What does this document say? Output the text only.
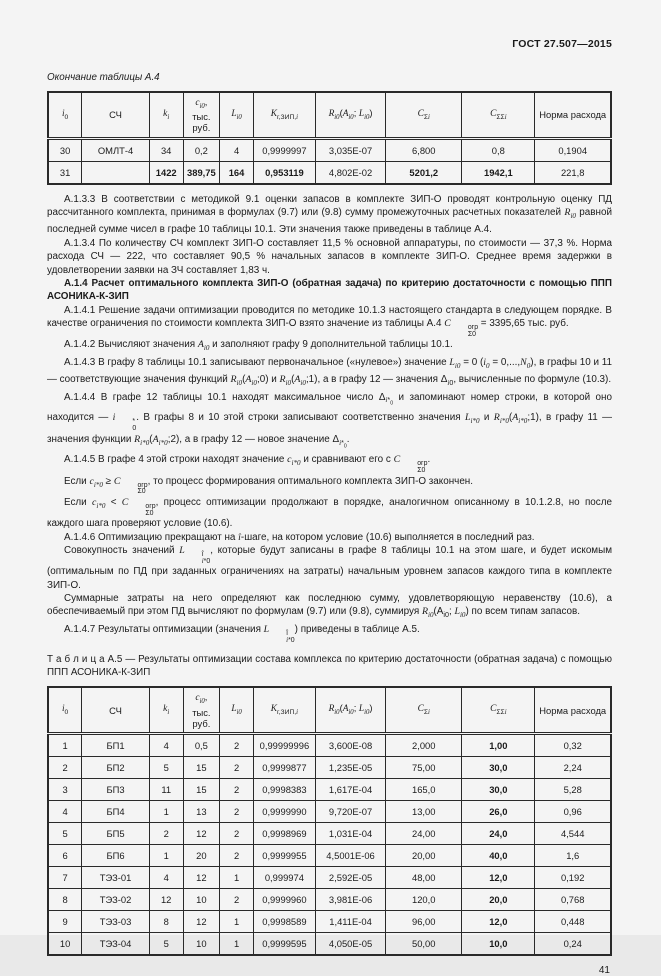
ГОСТ 27.507—2015
Окончание таблицы А.4
$i_0$	СЧ	$k_i$	$c_{i0}$,
тыс.
руб.	$L_{i0}$	$K_{г,ЗИП,i}$	$R_{i0}(A_{i0}$; $L_{i0}$)	$C_{\Sigma i}$	$C_{\Sigma\Sigma i}$	Норма расхода
30	ОМЛТ-4	34	0,2	4	0,9999997	3,035E-07	6,800	0,8	0,1904
31		1422	389,75	164	0,953119	4,802E-02	5201,2	1942,1	221,8

А.1.3.3 В соответствии с методикой 9.1 оценки запасов в комплекте ЗИП-О проводят контрольную оценку ПД рассчитанного комплекта, принимая в формулах (9.7) или (9.8) сумму промежуточных расчетных показателей $R_{i0}$ равной последней сумме чисел в графе 10 таблицы 10.1. Эти значения также приведены в таблице А.4.

А.1.3.4 По количеству СЧ комплект ЗИП-О составляет 11,5 % основной аппаратуры, по стоимости — 37,3 %. Норма расхода СЧ — 222, что составляет 90,5 % начальных запасов в комплекте ЗИП-О. Среднее время задержки в удовлетворении заявки на ЗЧ составляет 1,83 ч.

А.1.4 Расчет оптимального комплекта ЗИП-О (обратная задача) по критерию достаточности с помощью ППП АСОНИКА-К-ЗИП

А.1.4.1 Решение задачи оптимизации проводится по методике 10.1.3 настоящего стандарта в следующем порядке. В качестве ограничения по стоимости комплекта ЗИП-О взято значение из таблицы А.4 C	огр
Σ0
= 3395,65 тыс. руб.

А.1.4.2 Вычисляют значения $A_{i0}$ и заполняют графу 9 дополнительной таблицы 10.1.

А.1.4.3 В графу 8 таблицы 10.1 записывают первоначальное («нулевое») значение $L_{i0} = 0$ $(i_0 = 0,...,N_0)$, в графы 10 и 11 — соответствующие значения функций $R_{i0}(A_{i0};0)$ и $R_{i0}(A_{i0};1)$, а в графу 12 — значения $\Delta_{i0}$, вычисленные по формуле (10.3).

А.1.4.4 В графе 12 таблицы 10.1 находят максимальное число $\Delta_{i*_0}$ и запоминают номер строки, в которой оно находится — i	*
0
. В графы 8 и 10 этой строки записывают соответственно значения $L_{i*0}$ и $R_{i*0}(A_{i*0};1)$, в графу 11 — значения функции $R_{i*0}(A_{i*0};2)$, а в графу 12 — новое значение $\Delta_{i*_0}$.

А.1.4.5 В графе 4 этой строки находят значение $c_{i*0}$ и сравнивают его с C	огр
Σ0
.

Если $c_{i*0} \ge C$	огр
Σ0
, то процесс формирования оптимального комплекта ЗИП-О закончен.

Если $c_{i*0} < C$	огр
Σ0
, процесс оптимизации продолжают в порядке, аналогичном описанному в 10.1.2.8, но после каждого шага проверяют условие (10.6).

А.1.4.6 Оптимизацию прекращают на î-шаге, на котором условие (10.6) выполняется в последний раз.

Совокупность значений L	î
i*0
, которые будут записаны в графе 8 таблицы 10.1 на этом шаге, и будет искомым (оптимальным по ПД при заданных ограничениях на затраты) начальным уровнем запасов каждого типа в комплекте ЗИП-О.

Суммарные затраты на него определяют как последнюю сумму, удовлетворяющую неравенству (10.6), а обеспечиваемый при этом ПД вычисляют по формулам (9.7) или (9.8), суммируя $R_{i0}(A_{i0}$; $L_{i0}$) по всем типам запасов.

А.1.4.7 Результаты оптимизации (значения L	î
i*0
) приведены в таблице А.5.

Т а б л и ц а А.5 — Результаты оптимизации состава комплекса по критерию достаточности (обратная задача) с помощью ППП АСОНИКА-К-ЗИП
$i_0$	СЧ	$k_i$	$c_{i0}$,
тыс.
руб.	$L_{i0}$	$K_{г,ЗИП,i}$	$R_{i0}(A_{i0}$; $L_{i0}$)	$C_{\Sigma i}$	$C_{\Sigma\Sigma i}$	Норма расхода
1	БП1	4	0,5	2	0,99999996	3,600E-08	2,000	1,00	0,32
2	БП2	5	15	2	0,9999877	1,235E-05	75,00	30,0	2,24
3	БП3	11	15	2	0,9998383	1,617E-04	165,0	30,0	5,28
4	БП4	1	13	2	0,9999990	9,720E-07	13,00	26,0	0,96
5	БП5	2	12	2	0,9998969	1,031E-04	24,00	24,0	4,544
6	БП6	1	20	2	0,9999955	4,5001E-06	20,00	40,0	1,6
7	ТЭЗ-01	4	12	1	0,999974	2,592E-05	48,00	12,0	0,192
8	ТЭЗ-02	12	10	2	0,9999960	3,981E-06	120,0	20,0	0,768
9	ТЭЗ-03	8	12	1	0,9998589	1,411E-04	96,00	12,0	0,448
10	ТЭЗ-04	5	10	1	0,9999595	4,050E-05	50,00	10,0	0,24
41
